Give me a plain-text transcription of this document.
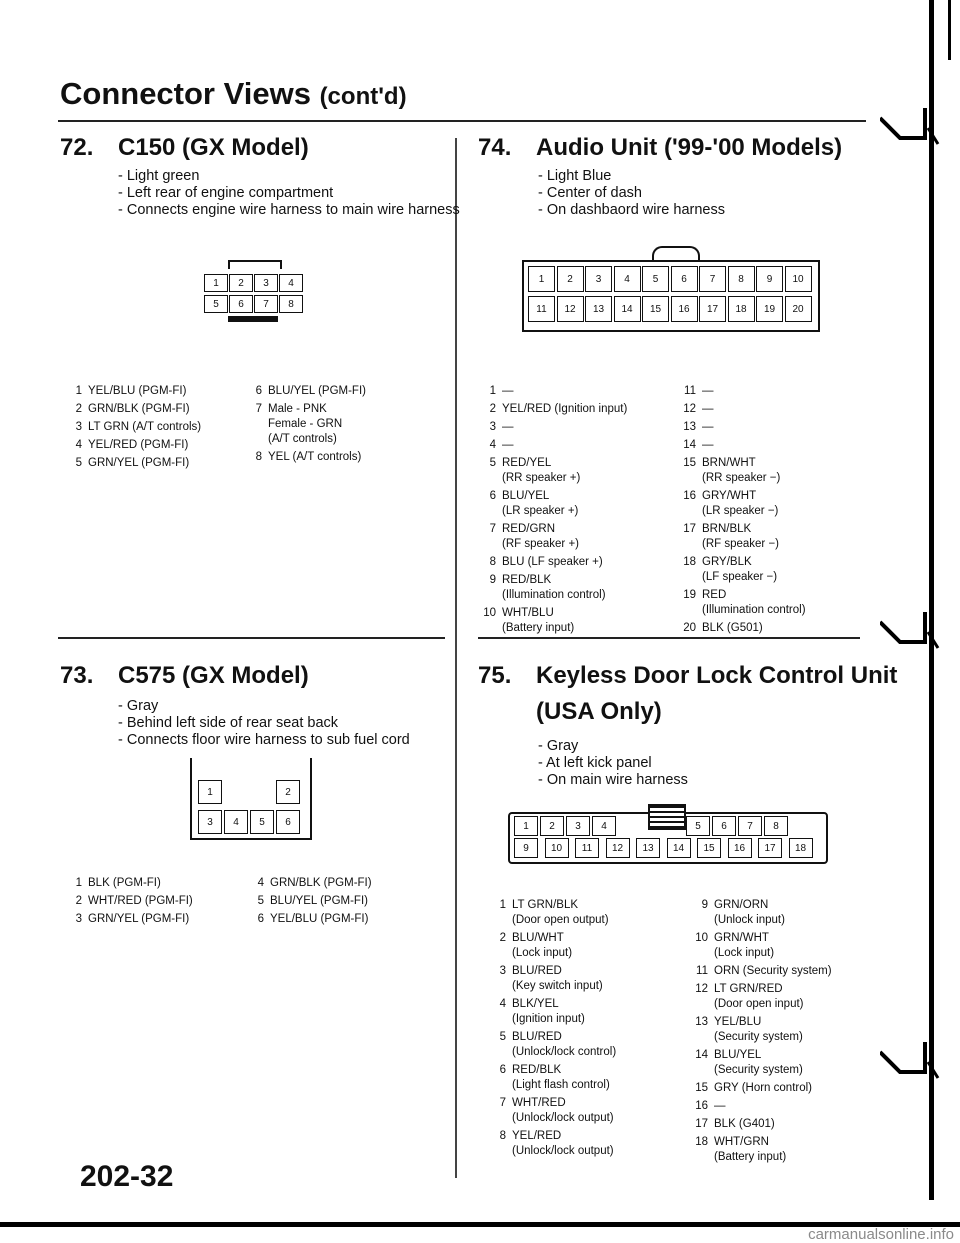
Connector Views (cont'd)
72. C150 (GX Model)
- Light green
- Left rear of engine compartment
- Connects engine wire harness to main wire harness
1	2	3	4
5	6	7	8
1 YEL/BLU (PGM-FI)
2 GRN/BLK (PGM-FI)
3 LT GRN (A/T controls)
4 YEL/RED (PGM-FI)
5 GRN/YEL (PGM-FI)
6 BLU/YEL (PGM-FI)
7 Male - PNK
Female - GRN
(A/T controls)
8 YEL (A/T controls)
73. C575 (GX Model)
- Gray
- Behind left side of rear seat back
- Connects floor wire harness to sub fuel cord
1	2
3	4	5	6
1 BLK (PGM-FI)
2 WHT/RED (PGM-FI)
3 GRN/YEL (PGM-FI)
4 GRN/BLK (PGM-FI)
5 BLU/YEL (PGM-FI)
6 YEL/BLU (PGM-FI)
74. Audio Unit ('99-'00 Models)
- Light Blue
- Center of dash
- On dashbaord wire harness
1	2	3	4	5	6	7	8	9	10
11	12	13	14	15	16	17	18	19	20
1 —
2 YEL/RED (Ignition input)
3 —
4 —
5 RED/YEL
(RR speaker +)
6 BLU/YEL
(LR speaker +)
7 RED/GRN
(RF speaker +)
8 BLU (LF speaker +)
9 RED/BLK
(Illumination control)
10 WHT/BLU
(Battery input)
11 —
12 —
13 —
14 —
15 BRN/WHT
(RR speaker −)
16 GRY/WHT
(LR speaker −)
17 BRN/BLK
(RF speaker −)
18 GRY/BLK
(LF speaker −)
19 RED
(Illumination control)
20 BLK (G501)
75. Keyless Door Lock Control Unit
(USA Only)
- Gray
- At left kick panel
- On main wire harness
1	2	3	4	5	6	7	8
9	10	11	12	13	14	15	16	17	18
1 LT GRN/BLK
(Door open output)
2 BLU/WHT
(Lock input)
3 BLU/RED
(Key switch input)
4 BLK/YEL
(Ignition input)
5 BLU/RED
(Unlock/lock control)
6 RED/BLK
(Light flash control)
7 WHT/RED
(Unlock/lock output)
8 YEL/RED
(Unlock/lock output)
9 GRN/ORN
(Unlock input)
10 GRN/WHT
(Lock input)
11 ORN (Security system)
12 LT GRN/RED
(Door open input)
13 YEL/BLU
(Security system)
14 BLU/YEL
(Security system)
15 GRY (Horn control)
16 —
17 BLK (G401)
18 WHT/GRN
(Battery input)
202-32
carmanualsonline.info
